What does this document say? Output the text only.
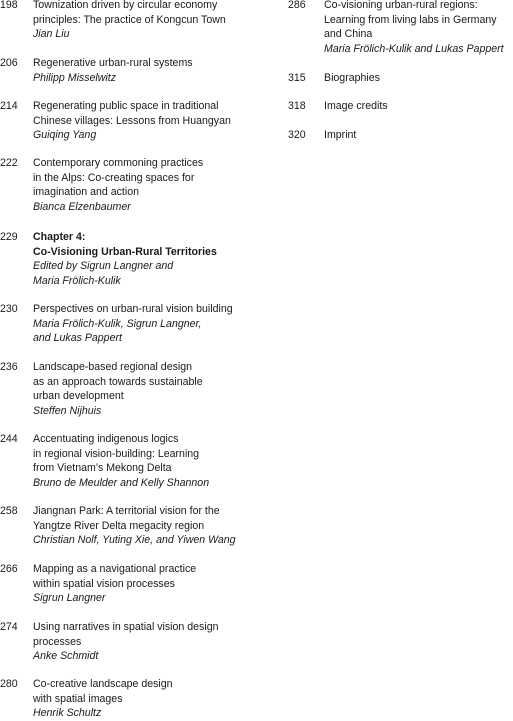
198 Townization driven by circular economy
principles: The practice of Kongcun Town
Jian Liu
206 Regenerative urban-rural systems
Philipp Misselwitz
214 Regenerating public space in traditional
Chinese villages: Lessons from Huangyan
Guiqing Yang
222 Contemporary commoning practices
in the Alps: Co-creating spaces for
imagination and action
Bianca Elzenbaumer
229 Chapter 4:
Co-Visioning Urban-Rural Territories
Edited by Sigrun Langner and
Maria Frölich-Kulik
230 Perspectives on urban-rural vision building
Maria Frölich-Kulik, Sigrun Langner,
and Lukas Pappert
236 Landscape-based regional design
as an approach towards sustainable
urban development
Steffen Nijhuis
244 Accentuating indigenous logics
in regional vision-building: Learning
from Vietnam’s Mekong Delta
Bruno de Meulder and Kelly Shannon
258 Jiangnan Park: A territorial vision for the
Yangtze River Delta megacity region
Christian Nolf, Yuting Xie, and Yiwen Wang
266 Mapping as a navigational practice
within spatial vision processes
Sigrun Langner
274 Using narratives in spatial vision design
processes
Anke Schmidt
280 Co-creative landscape design
with spatial images
Henrik Schultz
286 Co-visioning urban-rural regions:
Learning from living labs in Germany
and China
Maria Frölich-Kulik and Lukas Pappert
315 Biographies
318 Image credits
320 Imprint
